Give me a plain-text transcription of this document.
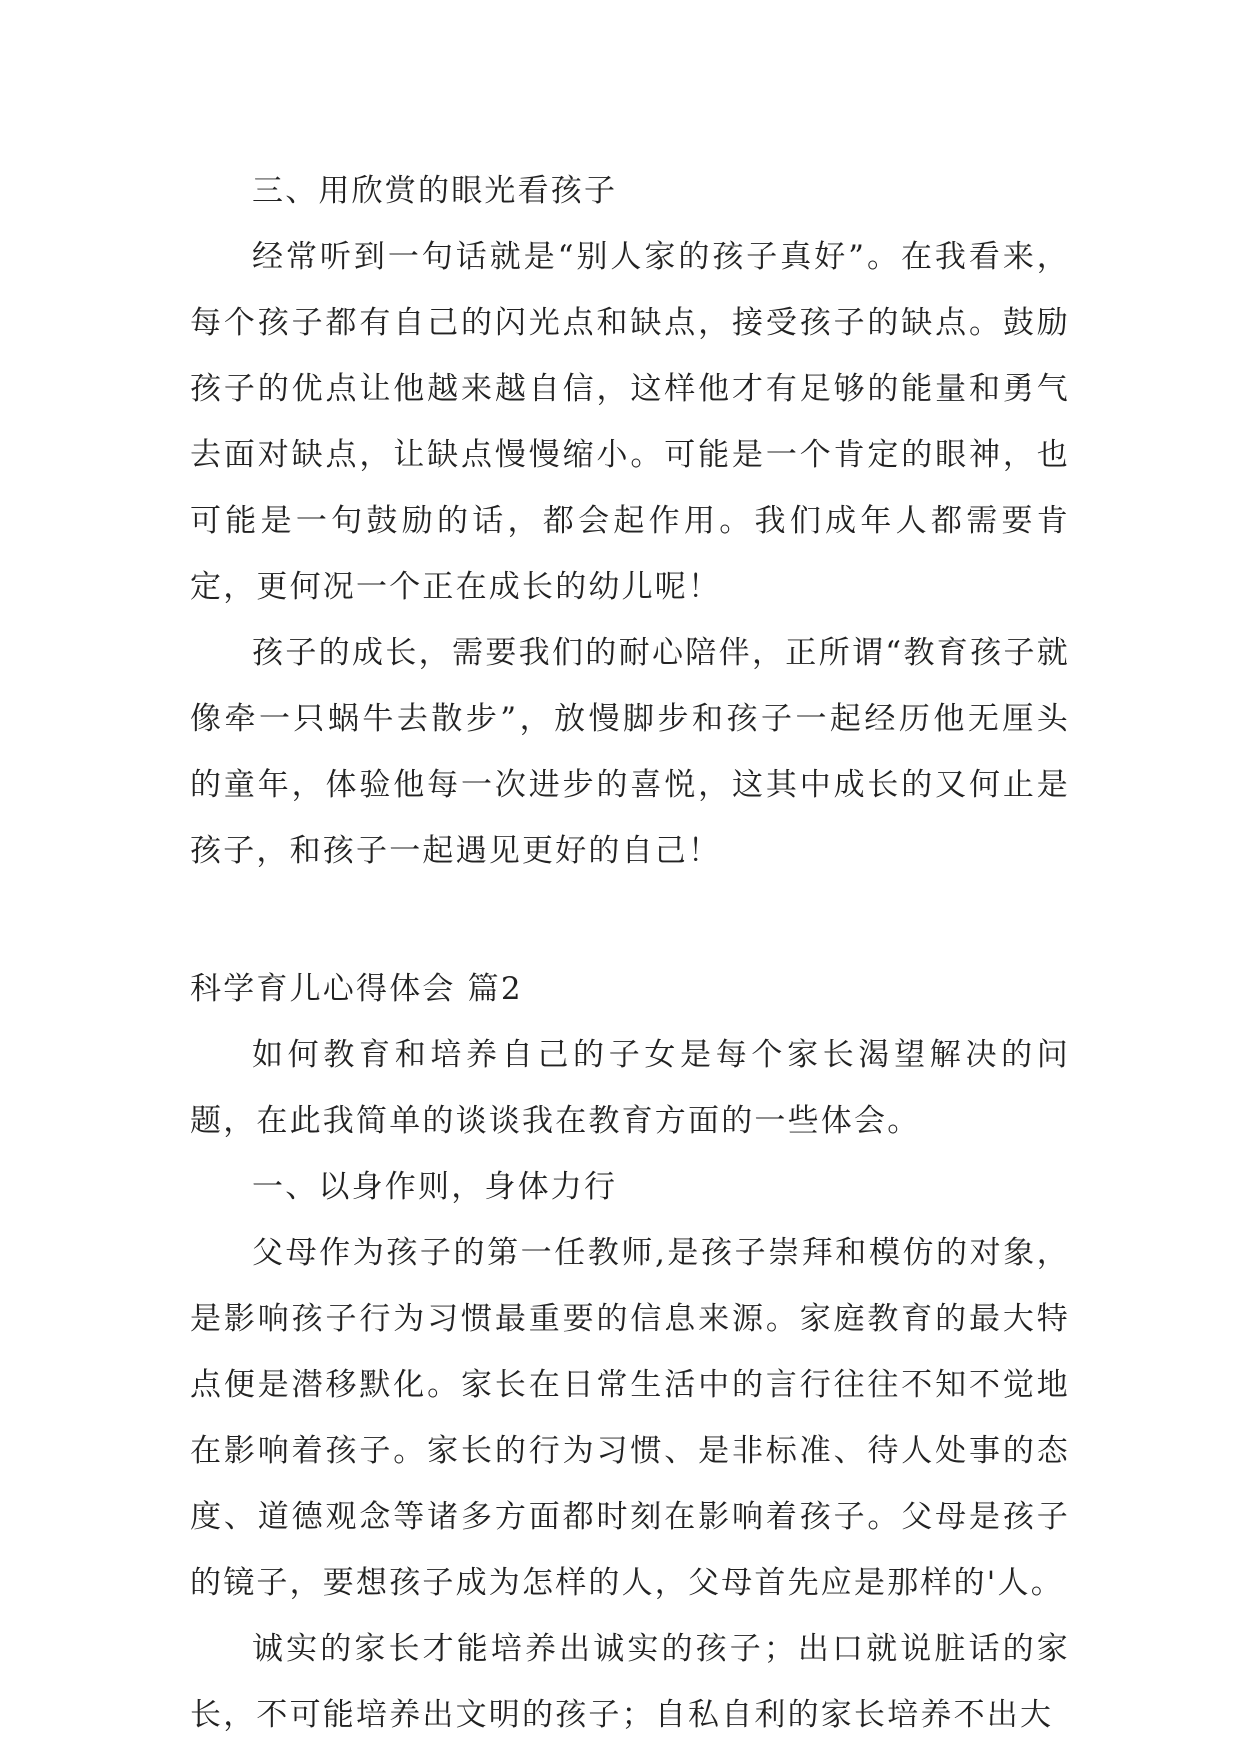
三、用欣赏的眼光看孩子

经常听到一句话就是“别人家的孩子真好”。在我看来，每个孩子都有自己的闪光点和缺点，接受孩子的缺点。鼓励孩子的优点让他越来越自信，这样他才有足够的能量和勇气去面对缺点，让缺点慢慢缩小。可能是一个肯定的眼神，也可能是一句鼓励的话，都会起作用。我们成年人都需要肯定，更何况一个正在成长的幼儿呢！

孩子的成长，需要我们的耐心陪伴，正所谓“教育孩子就像牵一只蜗牛去散步”，放慢脚步和孩子一起经历他无厘头的童年，体验他每一次进步的喜悦，这其中成长的又何止是孩子，和孩子一起遇见更好的自己！

科学育儿心得体会 篇2

如何教育和培养自己的子女是每个家长渴望解决的问题，在此我简单的谈谈我在教育方面的一些体会。

一、以身作则，身体力行

父母作为孩子的第一任教师,是孩子崇拜和模仿的对象，是影响孩子行为习惯最重要的信息来源。家庭教育的最大特点便是潜移默化。家长在日常生活中的言行往往不知不觉地在影响着孩子。家长的行为习惯、是非标准、待人处事的态度、道德观念等诸多方面都时刻在影响着孩子。父母是孩子的镜子，要想孩子成为怎样的人，父母首先应是那样的'人。

诚实的家长才能培养出诚实的孩子；出口就说脏话的家长，不可能培养出文明的孩子；自私自利的家长培养不出大
